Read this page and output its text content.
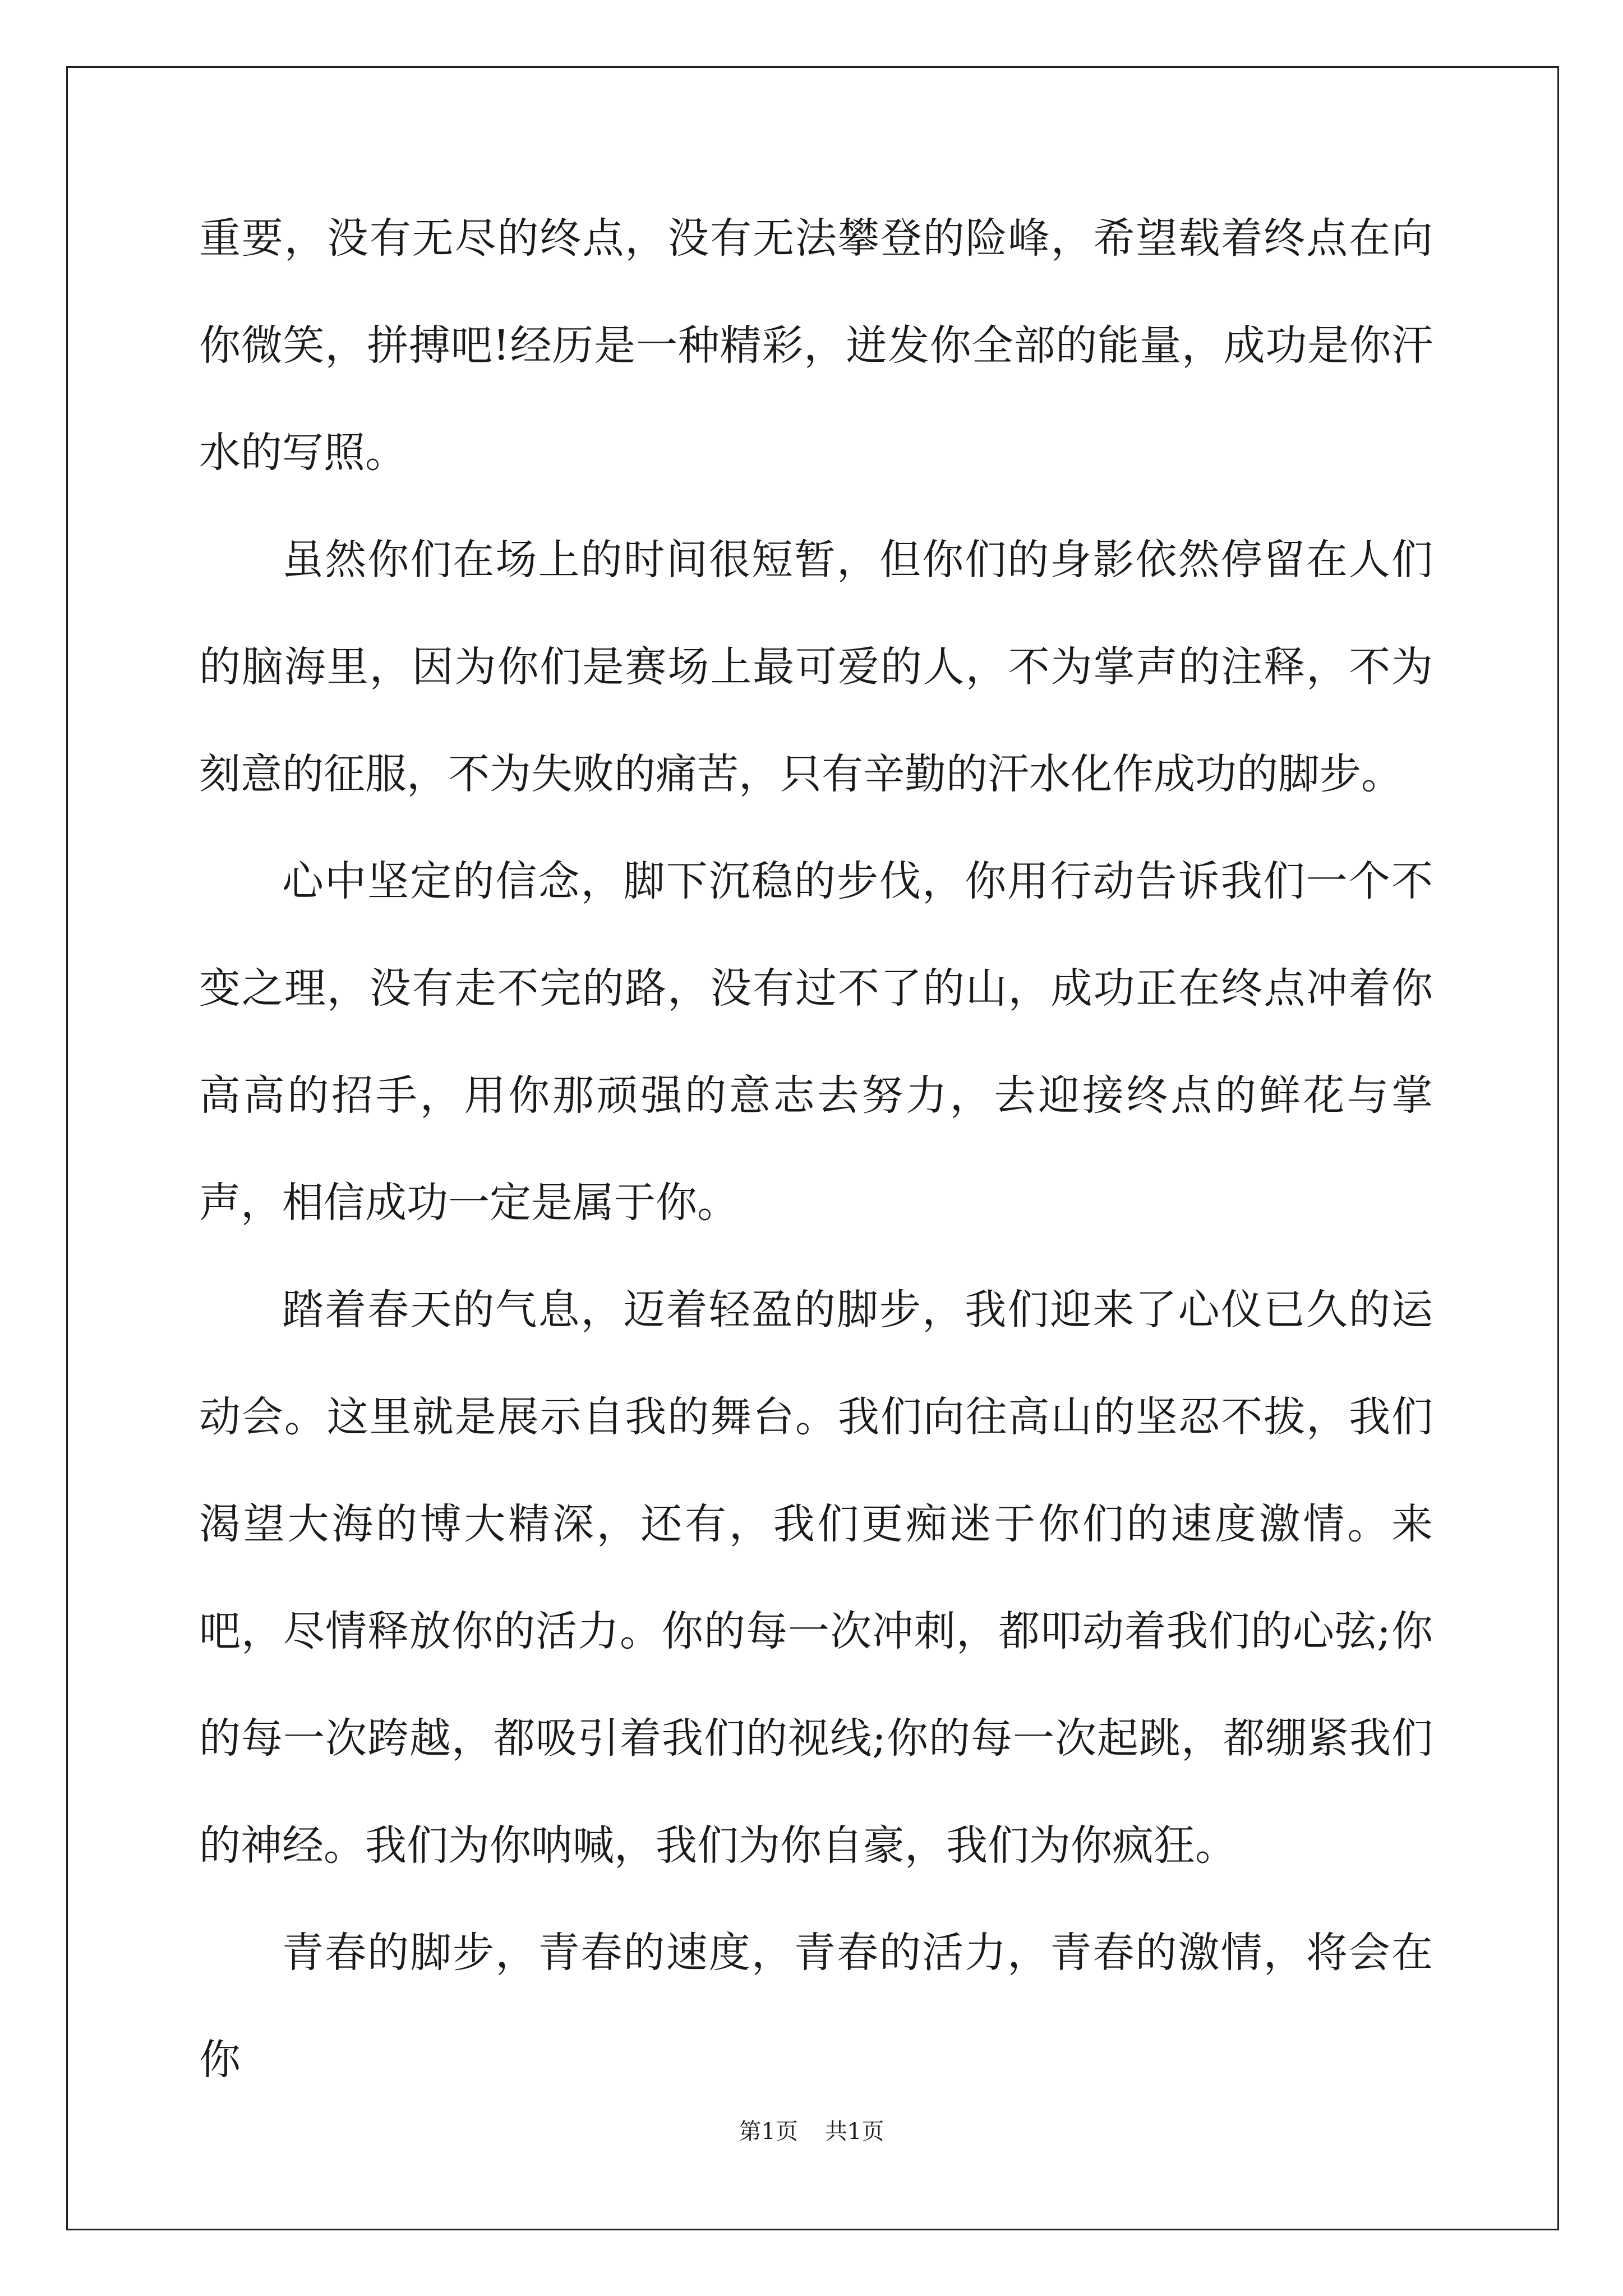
重要，没有无尽的终点，没有无法攀登的险峰，希望载着终点在向你微笑，拼搏吧!经历是一种精彩，迸发你全部的能量，成功是你汗水的写照。

虽然你们在场上的时间很短暂，但你们的身影依然停留在人们的脑海里，因为你们是赛场上最可爱的人，不为掌声的注释，不为刻意的征服，不为失败的痛苦，只有辛勤的汗水化作成功的脚步。

心中坚定的信念，脚下沉稳的步伐，你用行动告诉我们一个不变之理，没有走不完的路，没有过不了的山，成功正在终点冲着你高高的招手，用你那顽强的意志去努力，去迎接终点的鲜花与掌声，相信成功一定是属于你。

踏着春天的气息，迈着轻盈的脚步，我们迎来了心仪已久的运动会。这里就是展示自我的舞台。我们向往高山的坚忍不拔，我们渴望大海的博大精深，还有，我们更痴迷于你们的速度激情。来吧，尽情释放你的活力。你的每一次冲刺，都叩动着我们的心弦;你的每一次跨越，都吸引着我们的视线;你的每一次起跳，都绷紧我们的神经。我们为你呐喊，我们为你自豪，我们为你疯狂。

青春的脚步，青春的速度，青春的活力，青春的激情，将会在你

第1页 共1页
